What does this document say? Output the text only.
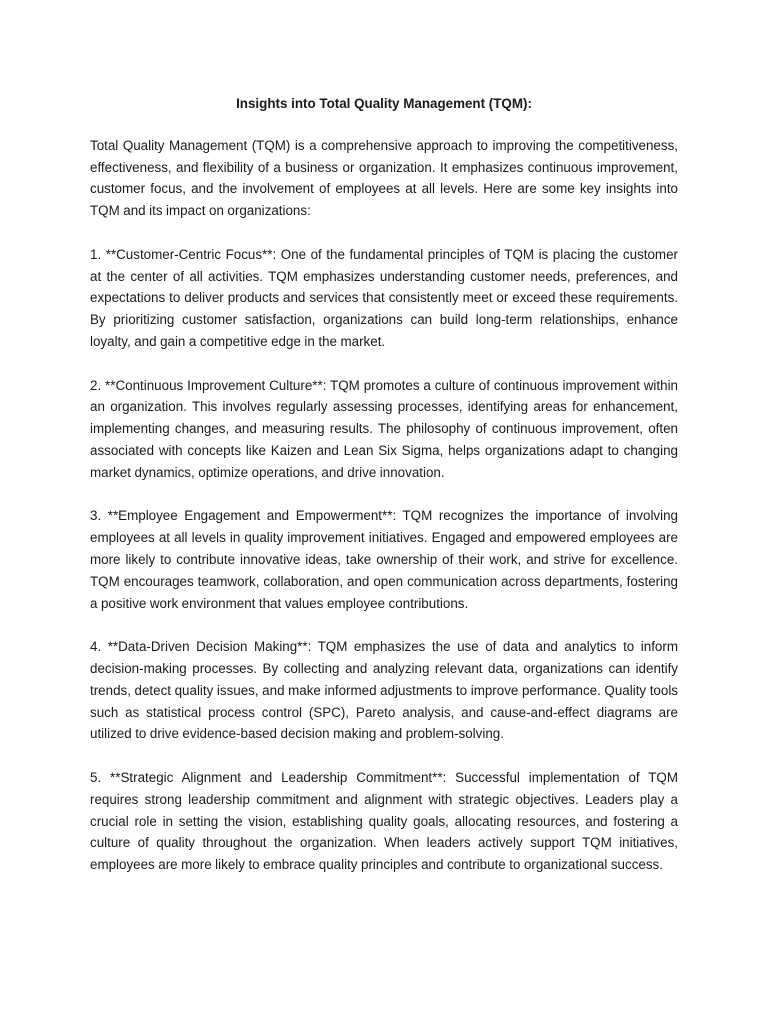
Insights into Total Quality Management (TQM):

Total Quality Management (TQM) is a comprehensive approach to improving the competitiveness, effectiveness, and flexibility of a business or organization. It emphasizes continuous improvement, customer focus, and the involvement of employees at all levels. Here are some key insights into TQM and its impact on organizations:

1. **Customer-Centric Focus**: One of the fundamental principles of TQM is placing the customer at the center of all activities. TQM emphasizes understanding customer needs, preferences, and expectations to deliver products and services that consistently meet or exceed these requirements. By prioritizing customer satisfaction, organizations can build long-term relationships, enhance loyalty, and gain a competitive edge in the market.

2. **Continuous Improvement Culture**: TQM promotes a culture of continuous improvement within an organization. This involves regularly assessing processes, identifying areas for enhancement, implementing changes, and measuring results. The philosophy of continuous improvement, often associated with concepts like Kaizen and Lean Six Sigma, helps organizations adapt to changing market dynamics, optimize operations, and drive innovation.

3. **Employee Engagement and Empowerment**: TQM recognizes the importance of involving employees at all levels in quality improvement initiatives. Engaged and empowered employees are more likely to contribute innovative ideas, take ownership of their work, and strive for excellence. TQM encourages teamwork, collaboration, and open communication across departments, fostering a positive work environment that values employee contributions.

4. **Data-Driven Decision Making**: TQM emphasizes the use of data and analytics to inform decision-making processes. By collecting and analyzing relevant data, organizations can identify trends, detect quality issues, and make informed adjustments to improve performance. Quality tools such as statistical process control (SPC), Pareto analysis, and cause-and-effect diagrams are utilized to drive evidence-based decision making and problem-solving.

5. **Strategic Alignment and Leadership Commitment**: Successful implementation of TQM requires strong leadership commitment and alignment with strategic objectives. Leaders play a crucial role in setting the vision, establishing quality goals, allocating resources, and fostering a culture of quality throughout the organization. When leaders actively support TQM initiatives, employees are more likely to embrace quality principles and contribute to organizational success.
